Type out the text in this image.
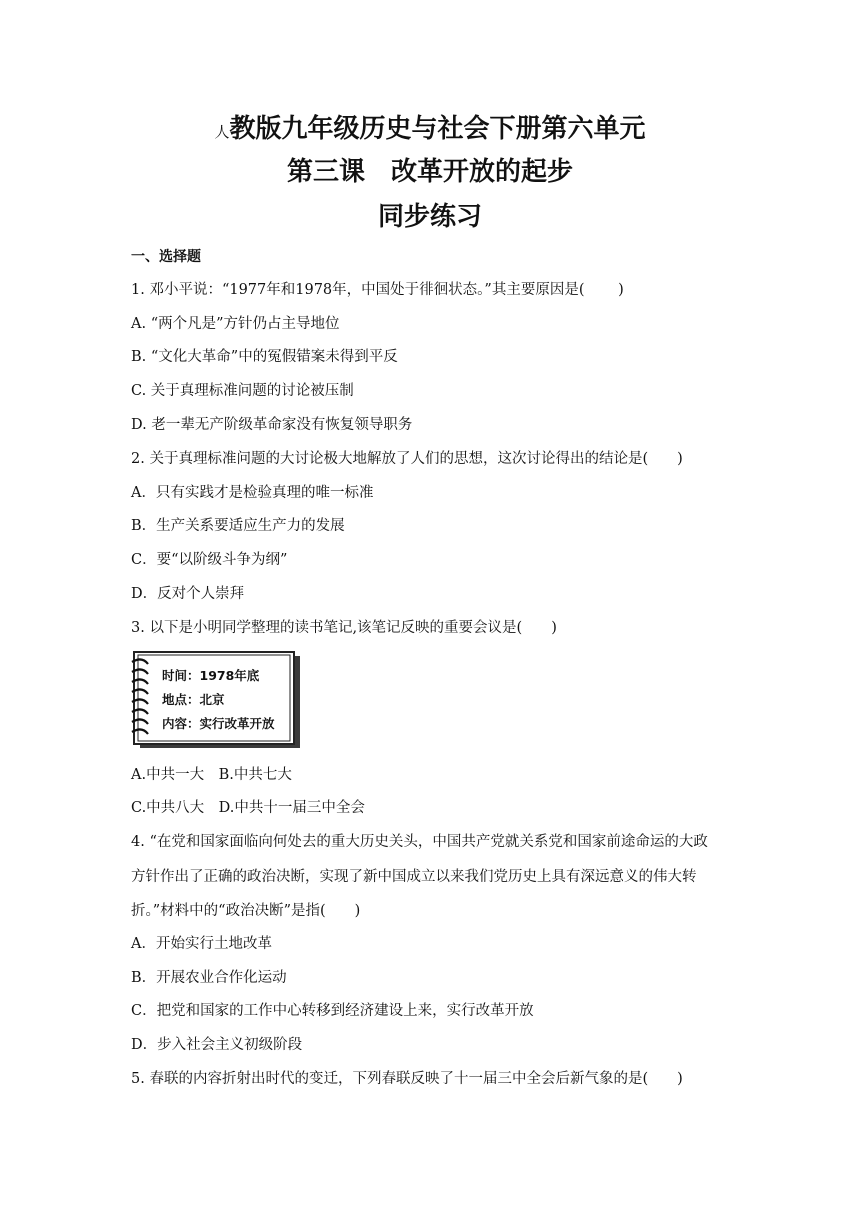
人教版九年级历史与社会下册第六单元
第三课　改革开放的起步
同步练习
一、选择题
1. 邓小平说：“1977年和1978年，中国处于徘徊状态。”其主要原因是(　　 )
A. “两个凡是”方针仍占主导地位
B. “文化大革命”中的冤假错案未得到平反
C. 关于真理标准问题的讨论被压制
D. 老一辈无产阶级革命家没有恢复领导职务
2. 关于真理标准问题的大讨论极大地解放了人们的思想，这次讨论得出的结论是(　　)
A．只有实践才是检验真理的唯一标准
B．生产关系要适应生产力的发展
C．要“以阶级斗争为纲”
D．反对个人崇拜
3. 以下是小明同学整理的读书笔记,该笔记反映的重要会议是(　　)
时间：1978年底
地点：北京
内容：实行改革开放
A.中共一大　B.中共七大
C.中共八大　D.中共十一届三中全会
4. “在党和国家面临向何处去的重大历史关头，中国共产党就关系党和国家前途命运的大政
方针作出了正确的政治决断，实现了新中国成立以来我们党历史上具有深远意义的伟大转
折。”材料中的“政治决断”是指(　　)
A．开始实行土地改革
B．开展农业合作化运动
C．把党和国家的工作中心转移到经济建设上来，实行改革开放
D．步入社会主义初级阶段
5. 春联的内容折射出时代的变迁，下列春联反映了十一届三中全会后新气象的是(　　)
